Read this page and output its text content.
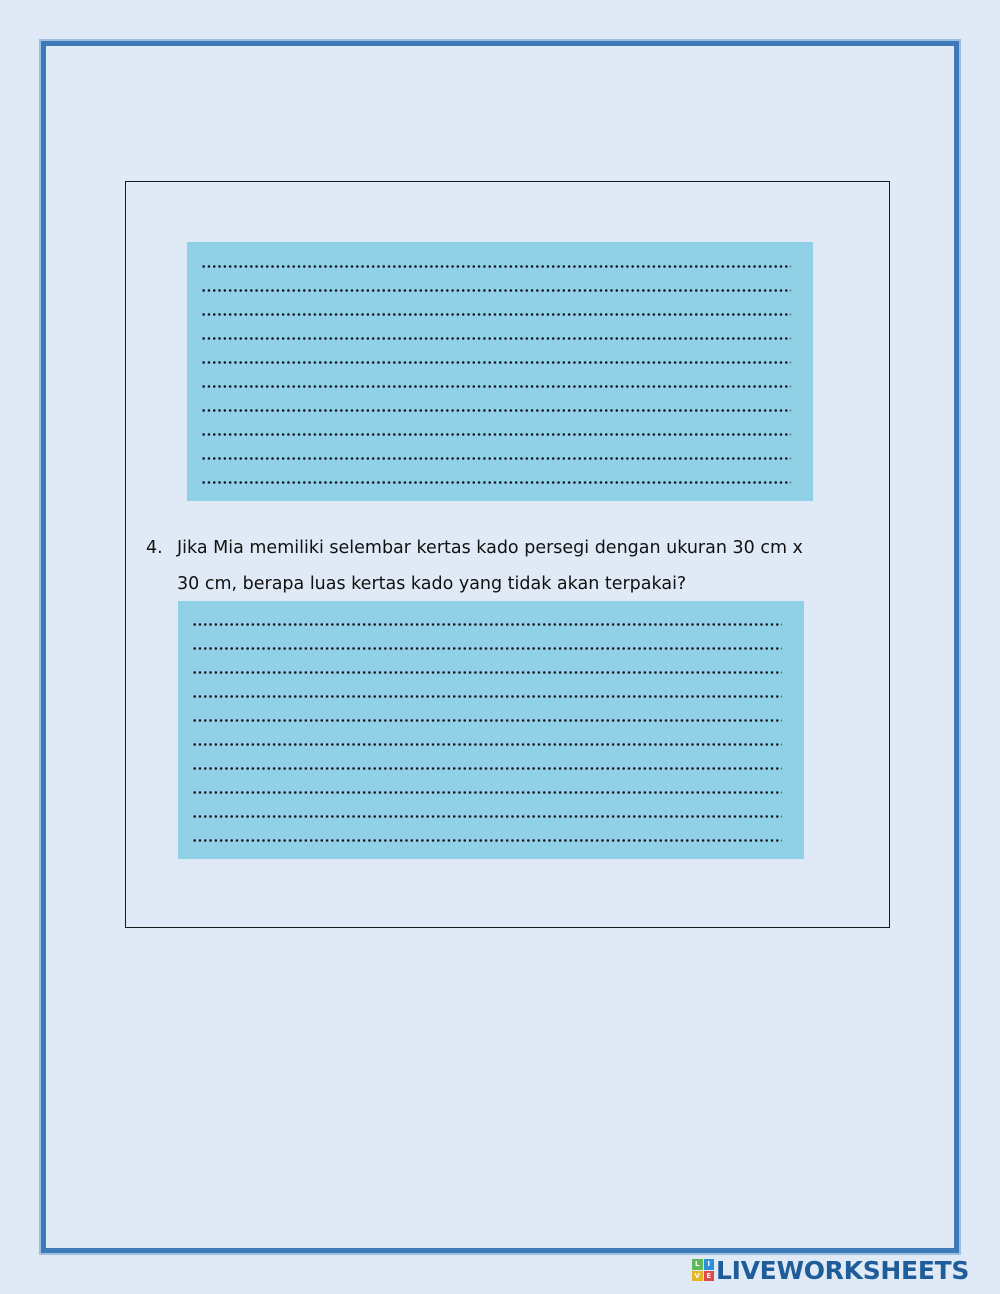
4. Jika Mia memiliki selembar kertas kado persegi dengan ukuran 30 cm x
30 cm, berapa luas kertas kado yang tidak akan terpakai?
L	I
V E LIVEWORKSHEETS
